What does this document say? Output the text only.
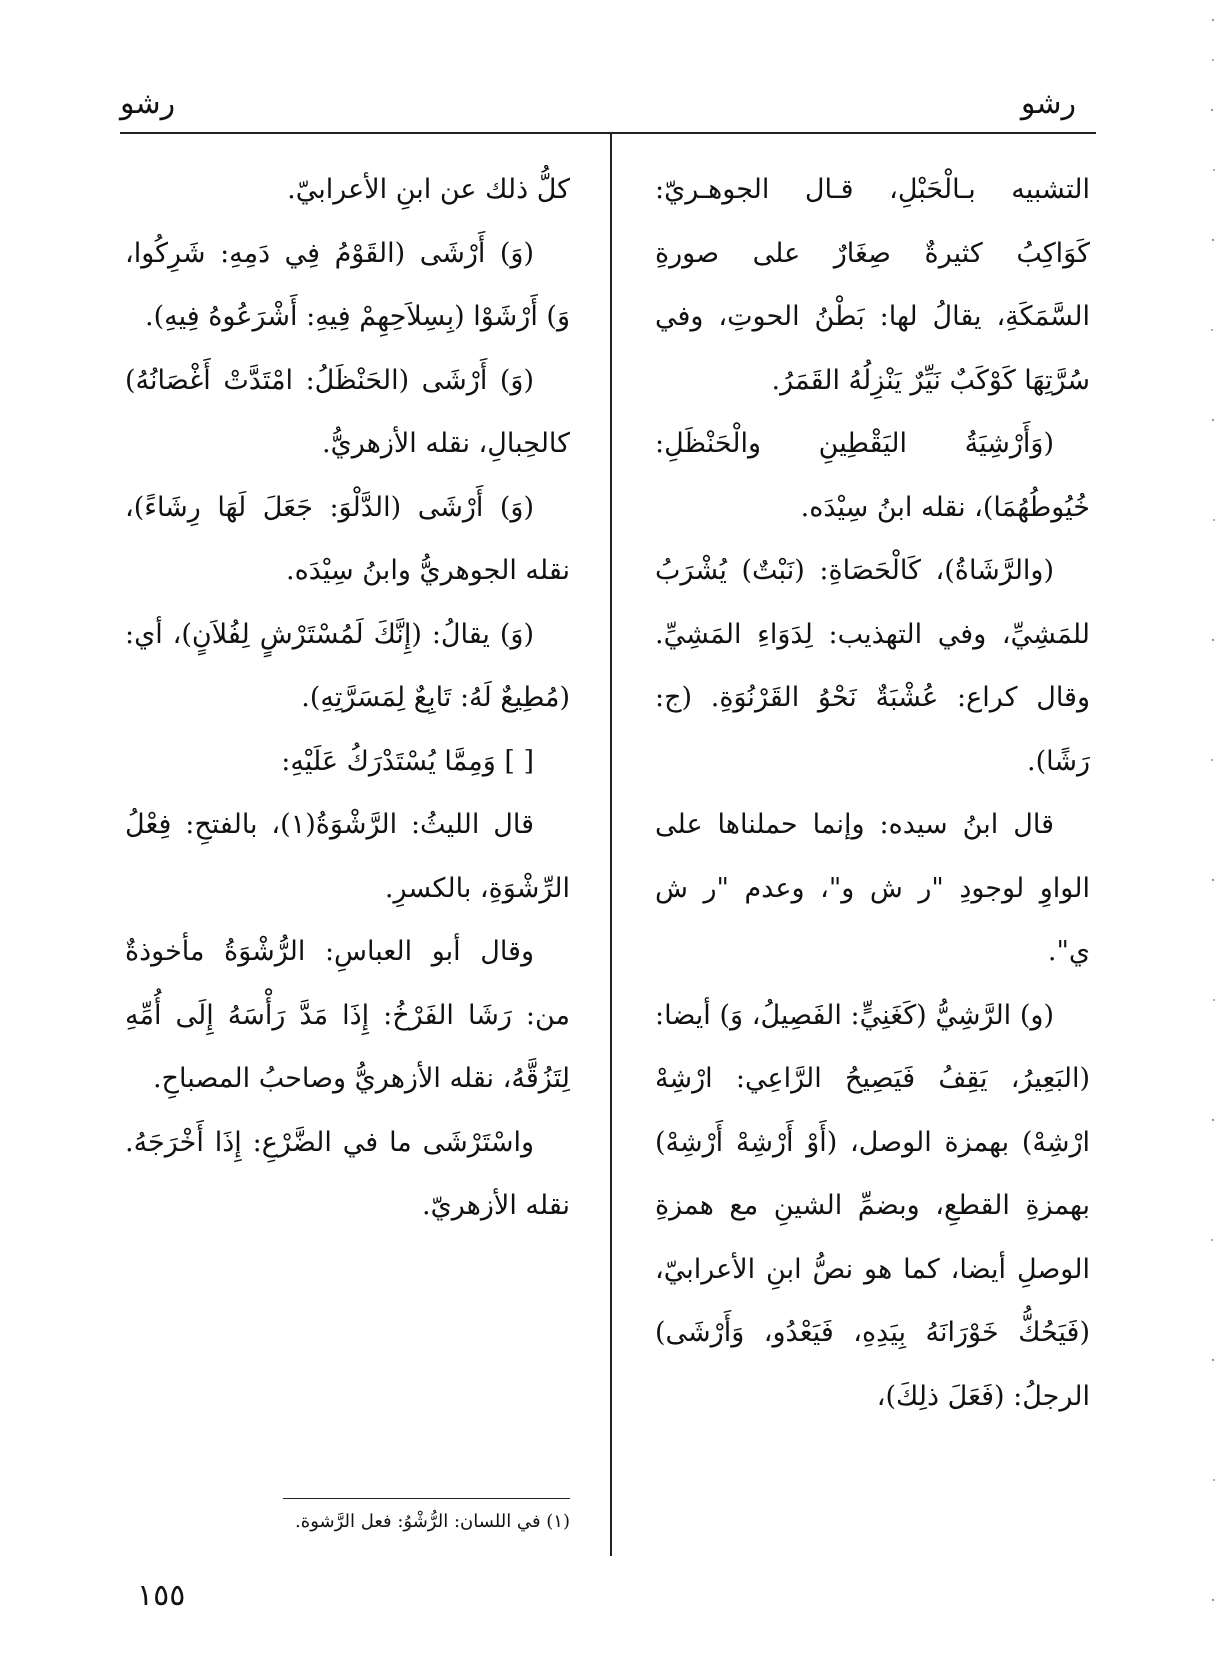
رشو
رشو

التشبيه بـالْحَبْلِ، قـال الجوهـريّ: كَوَاكِبُ كثيرةٌ صِغَارٌ على صورةِ السَّمَكَةِ، يقالُ لها: بَطْنُ الحوتِ، وفي سُرَّتِهَا كَوْكَبٌ نَيِّرٌ يَنْزِلُهُ القَمَرُ.

(وَأَرْشِيَةُ اليَقْطِينِ والْحَنْظَلِ: خُيُوطُهُمَا)، نقله ابنُ سِيْدَه.

(والرَّشَاةُ)، كَالْحَصَاةِ: (نَبْتٌ) يُشْرَبُ للمَشِيِّ، وفي التهذيب: لِدَوَاءِ المَشِيِّ. وقال كراع: عُشْبَةٌ نَحْوُ القَرْنُوَةِ. (ج: رَشًا).

قال ابنُ سيده: وإنما حملناها على الواوِ لوجودِ "ر ش و"، وعدم "ر ش ي".

(و) الرَّشِيُّ (كَغَنِيٍّ: الفَصِيلُ، وَ) أيضا: (البَعِيرُ، يَقِفُ فَيَصِيحُ الرَّاعِي: ارْشِهْ ارْشِهْ) بهمزة الوصل، (أَوْ أَرْشِهْ أَرْشِهْ) بهمزةِ القطعِ، وبضمِّ الشينِ مع همزةِ الوصلِ أيضا، كما هو نصُّ ابنِ الأعرابيّ، (فَيَحُكُّ خَوْرَانَهُ بِيَدِهِ، فَيَعْدُو، وَأَرْشَى) الرجلُ: (فَعَلَ ذلِكَ)،

كلُّ ذلك عن ابنِ الأعرابيّ.

(وَ) أَرْشَى (القَوْمُ فِي دَمِهِ: شَرِكُوا، وَ) أَرْشَوْا (بِسِلاَحِهِمْ فِيهِ: أَشْرَعُوهُ فِيهِ).

(وَ) أَرْشَى (الحَنْظَلُ: امْتَدَّتْ أَغْصَانُهُ) كالحِبالِ، نقله الأزهريُّ.

(وَ) أَرْشَى (الدَّلْوَ: جَعَلَ لَهَا رِشَاءً)، نقله الجوهريُّ وابنُ سِيْدَه.

(وَ) يقالُ: (إِنَّكَ لَمُسْتَرْشٍ لِفُلاَنٍ)، أي: (مُطِيعٌ لَهُ: تَابِعٌ لِمَسَرَّتِهِ).

[ ] وَمِمَّا يُسْتَدْرَكُ عَلَيْهِ:

قال الليثُ: الرَّشْوَةُ(١)، بالفتحِ: فِعْلُ الرِّشْوَةِ، بالكسرِ.

وقال أبو العباسِ: الرُّشْوَةُ مأخوذةٌ من: رَشَا الفَرْخُ: إِذَا مَدَّ رَأْسَهُ إِلَى أُمِّهِ لِتَزُقَّهُ، نقله الأزهريُّ وصاحبُ المصباحِ.

واسْتَرْشَى ما في الضَّرْعِ: إِذَا أَخْرَجَهُ. نقله الأزهريّ.

(١) في اللسان: الرُّشْوُ: فعل الرَّشوة.
١٥٥
